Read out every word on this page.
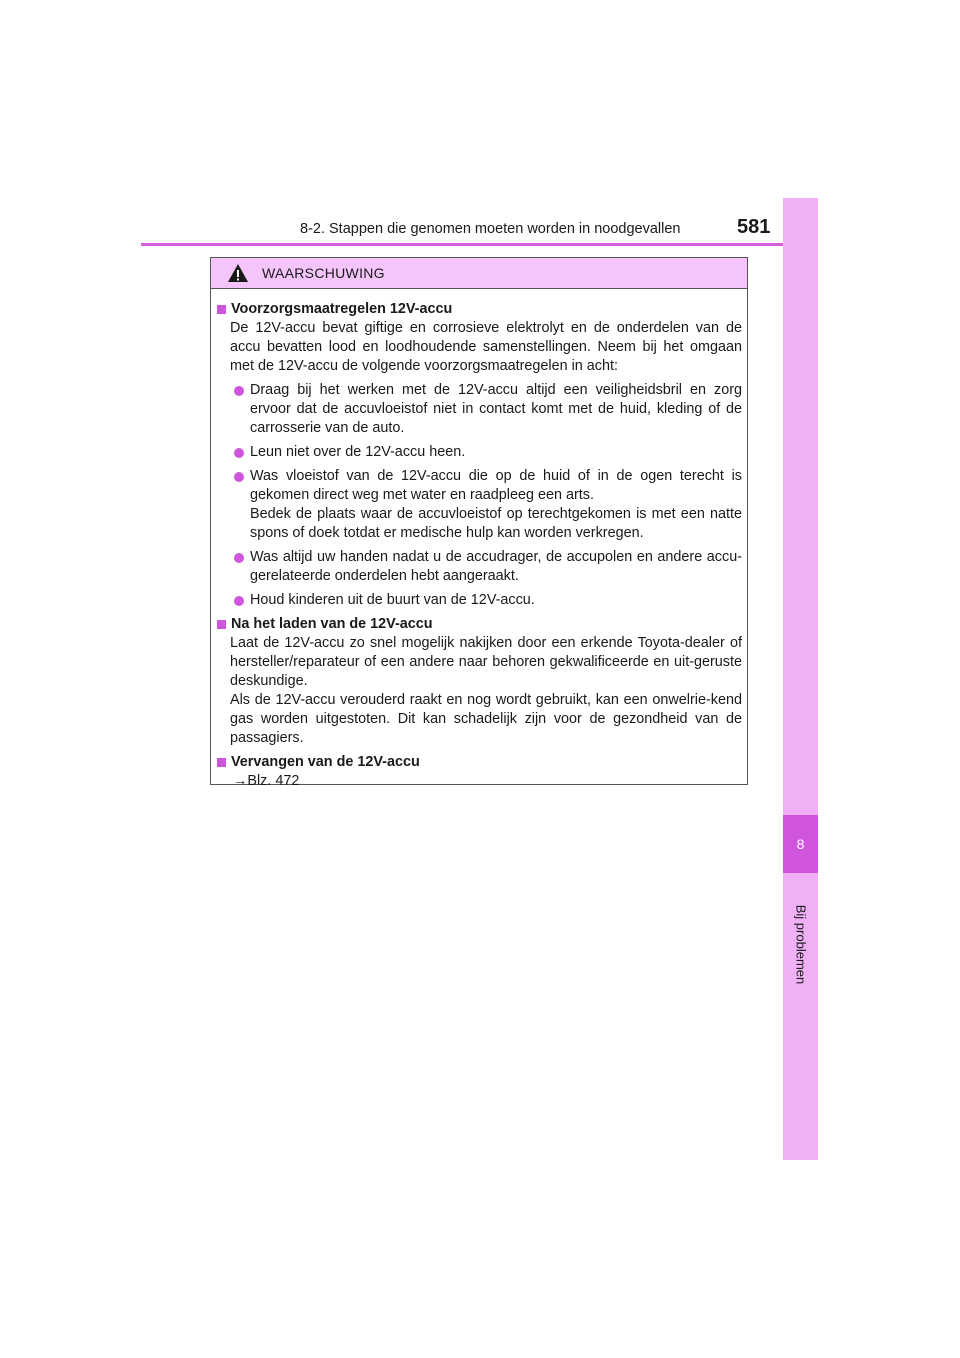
8-2. Stappen die genomen moeten worden in noodgevallen	581
8
Bij problemen
WAARSCHUWING
Voorzorgsmaatregelen 12V-accu
De 12V-accu bevat giftige en corrosieve elektrolyt en de onderdelen van de accu bevatten lood en loodhoudende samenstellingen. Neem bij het omgaan met de 12V-accu de volgende voorzorgsmaatregelen in acht:
Draag bij het werken met de 12V-accu altijd een veiligheidsbril en zorg ervoor dat de accuvloeistof niet in contact komt met de huid, kleding of de carrosserie van de auto.
Leun niet over de 12V-accu heen.
Was vloeistof van de 12V-accu die op de huid of in de ogen terecht is gekomen direct weg met water en raadpleeg een arts.
Bedek de plaats waar de accuvloeistof op terechtgekomen is met een natte spons of doek totdat er medische hulp kan worden verkregen.
Was altijd uw handen nadat u de accudrager, de accupolen en andere accu-gerelateerde onderdelen hebt aangeraakt.
Houd kinderen uit de buurt van de 12V-accu.
Na het laden van de 12V-accu
Laat de 12V-accu zo snel mogelijk nakijken door een erkende Toyota-dealer of hersteller/reparateur of een andere naar behoren gekwalificeerde en uit-geruste deskundige.
Als de 12V-accu verouderd raakt en nog wordt gebruikt, kan een onwelrie-kend gas worden uitgestoten. Dit kan schadelijk zijn voor de gezondheid van de passagiers.
Vervangen van de 12V-accu
→Blz. 472
